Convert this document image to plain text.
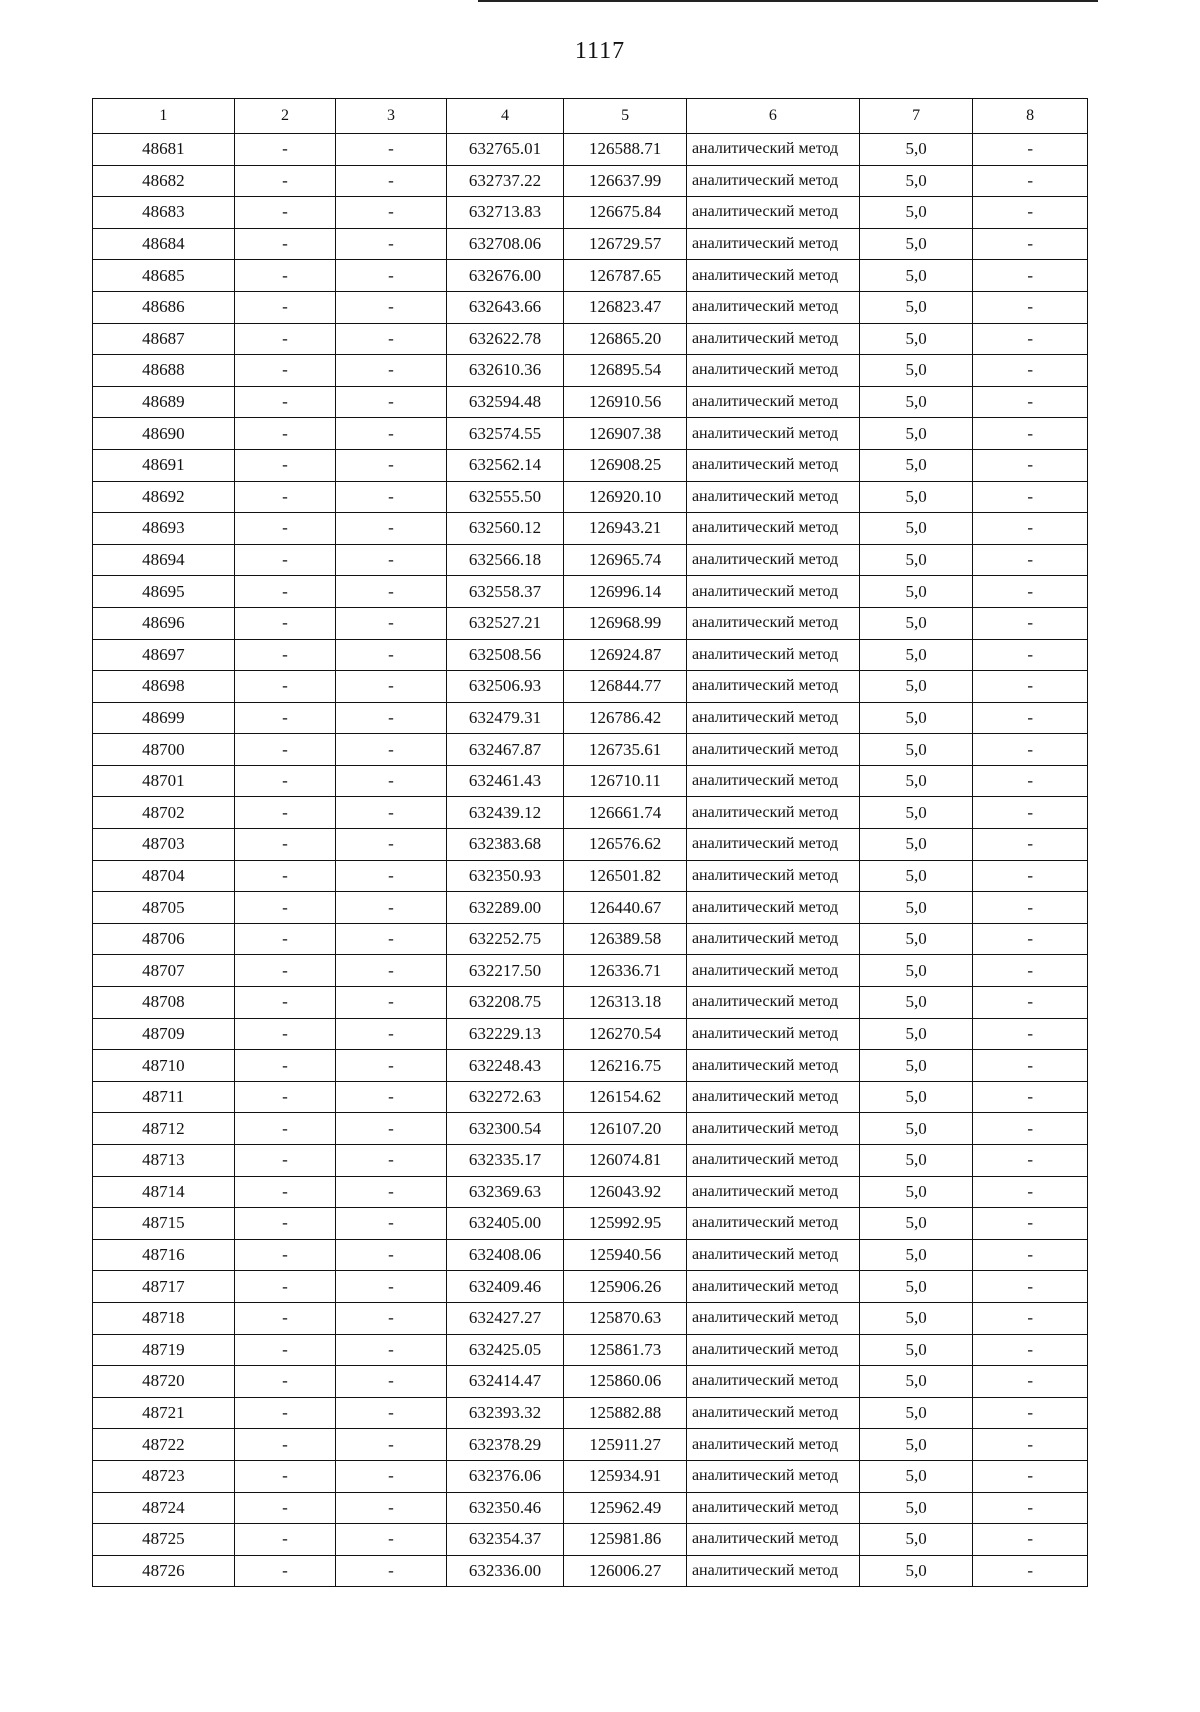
1117
1	2	3	4	5	6	7	8
48681	-	-	632765.01	126588.71	аналитический метод	5,0	-
48682	-	-	632737.22	126637.99	аналитический метод	5,0	-
48683	-	-	632713.83	126675.84	аналитический метод	5,0	-
48684	-	-	632708.06	126729.57	аналитический метод	5,0	-
48685	-	-	632676.00	126787.65	аналитический метод	5,0	-
48686	-	-	632643.66	126823.47	аналитический метод	5,0	-
48687	-	-	632622.78	126865.20	аналитический метод	5,0	-
48688	-	-	632610.36	126895.54	аналитический метод	5,0	-
48689	-	-	632594.48	126910.56	аналитический метод	5,0	-
48690	-	-	632574.55	126907.38	аналитический метод	5,0	-
48691	-	-	632562.14	126908.25	аналитический метод	5,0	-
48692	-	-	632555.50	126920.10	аналитический метод	5,0	-
48693	-	-	632560.12	126943.21	аналитический метод	5,0	-
48694	-	-	632566.18	126965.74	аналитический метод	5,0	-
48695	-	-	632558.37	126996.14	аналитический метод	5,0	-
48696	-	-	632527.21	126968.99	аналитический метод	5,0	-
48697	-	-	632508.56	126924.87	аналитический метод	5,0	-
48698	-	-	632506.93	126844.77	аналитический метод	5,0	-
48699	-	-	632479.31	126786.42	аналитический метод	5,0	-
48700	-	-	632467.87	126735.61	аналитический метод	5,0	-
48701	-	-	632461.43	126710.11	аналитический метод	5,0	-
48702	-	-	632439.12	126661.74	аналитический метод	5,0	-
48703	-	-	632383.68	126576.62	аналитический метод	5,0	-
48704	-	-	632350.93	126501.82	аналитический метод	5,0	-
48705	-	-	632289.00	126440.67	аналитический метод	5,0	-
48706	-	-	632252.75	126389.58	аналитический метод	5,0	-
48707	-	-	632217.50	126336.71	аналитический метод	5,0	-
48708	-	-	632208.75	126313.18	аналитический метод	5,0	-
48709	-	-	632229.13	126270.54	аналитический метод	5,0	-
48710	-	-	632248.43	126216.75	аналитический метод	5,0	-
48711	-	-	632272.63	126154.62	аналитический метод	5,0	-
48712	-	-	632300.54	126107.20	аналитический метод	5,0	-
48713	-	-	632335.17	126074.81	аналитический метод	5,0	-
48714	-	-	632369.63	126043.92	аналитический метод	5,0	-
48715	-	-	632405.00	125992.95	аналитический метод	5,0	-
48716	-	-	632408.06	125940.56	аналитический метод	5,0	-
48717	-	-	632409.46	125906.26	аналитический метод	5,0	-
48718	-	-	632427.27	125870.63	аналитический метод	5,0	-
48719	-	-	632425.05	125861.73	аналитический метод	5,0	-
48720	-	-	632414.47	125860.06	аналитический метод	5,0	-
48721	-	-	632393.32	125882.88	аналитический метод	5,0	-
48722	-	-	632378.29	125911.27	аналитический метод	5,0	-
48723	-	-	632376.06	125934.91	аналитический метод	5,0	-
48724	-	-	632350.46	125962.49	аналитический метод	5,0	-
48725	-	-	632354.37	125981.86	аналитический метод	5,0	-
48726	-	-	632336.00	126006.27	аналитический метод	5,0	-
